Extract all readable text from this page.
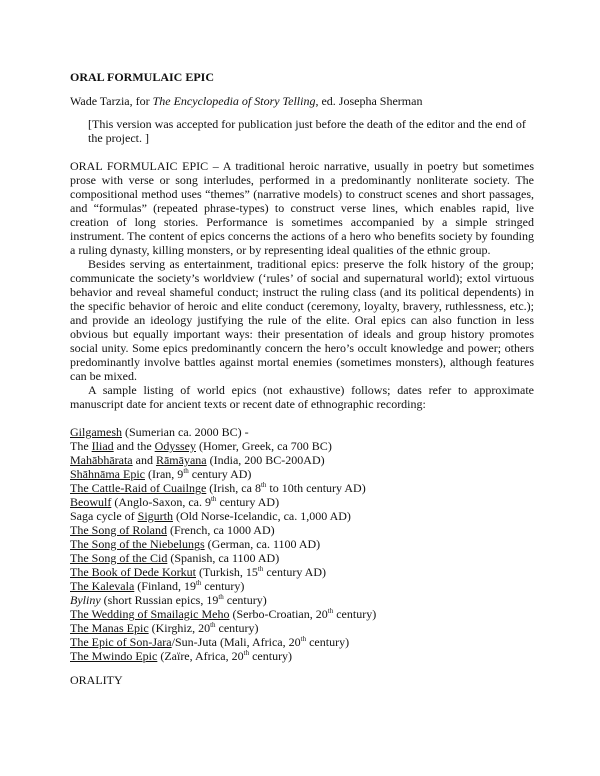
ORAL FORMULAIC EPIC

Wade Tarzia, for The Encyclopedia of Story Telling, ed. Josepha Sherman

[This version was accepted for publication just before the death of the editor and the end of the project. ]

ORAL FORMULAIC EPIC – A traditional heroic narrative, usually in poetry but sometimes prose with verse or song interludes, performed in a predominantly nonliterate society. The compositional method uses “themes” (narrative models) to construct scenes and short passages, and “formulas” (repeated phrase-types) to construct verse lines, which enables rapid, live creation of long stories. Performance is sometimes accompanied by a simple stringed instrument. The content of epics concerns the actions of a hero who benefits society by founding a ruling dynasty, killing monsters, or by representing ideal qualities of the ethnic group.

Besides serving as entertainment, traditional epics: preserve the folk history of the group; communicate the society’s worldview (‘rules’ of social and supernatural world); extol virtuous behavior and reveal shameful conduct; instruct the ruling class (and its political dependents) in the specific behavior of heroic and elite conduct (ceremony, loyalty, bravery, ruthlessness, etc.); and provide an ideology justifying the rule of the elite. Oral epics can also function in less obvious but equally important ways: their presentation of ideals and group history promotes social unity. Some epics predominantly concern the hero’s occult knowledge and power; others predominantly involve battles against mortal enemies (sometimes monsters), although features can be mixed.

A sample listing of world epics (not exhaustive) follows; dates refer to approximate manuscript date for ancient texts or recent date of ethnographic recording:

Gilgamesh (Sumerian ca. 2000 BC) -
The Iliad and the Odyssey (Homer, Greek, ca 700 BC)
Mahābhārata and Rāmāyana (India, 200 BC-200AD)
Shāhnāma Epic (Iran, 9th century AD)
The Cattle-Raid of Cuailnge (Irish, ca 8th to 10th century AD)
Beowulf (Anglo-Saxon, ca. 9th century AD)
Saga cycle of Sigurth (Old Norse-Icelandic, ca. 1,000 AD)
The Song of Roland (French, ca 1000 AD)
The Song of the Niebelungs (German, ca. 1100 AD)
The Song of the Cid (Spanish, ca 1100 AD)
The Book of Dede Korkut (Turkish, 15th century AD)
The Kalevala (Finland, 19th century)
Byliny (short Russian epics, 19th century)
The Wedding of Smailagic Meho (Serbo-Croatian, 20th century)
The Manas Epic (Kirghiz, 20th century)
The Epic of Son-Jara/Sun-Juta (Mali, Africa, 20th century)
The Mwindo Epic (Zaïre, Africa, 20th century)

ORALITY
